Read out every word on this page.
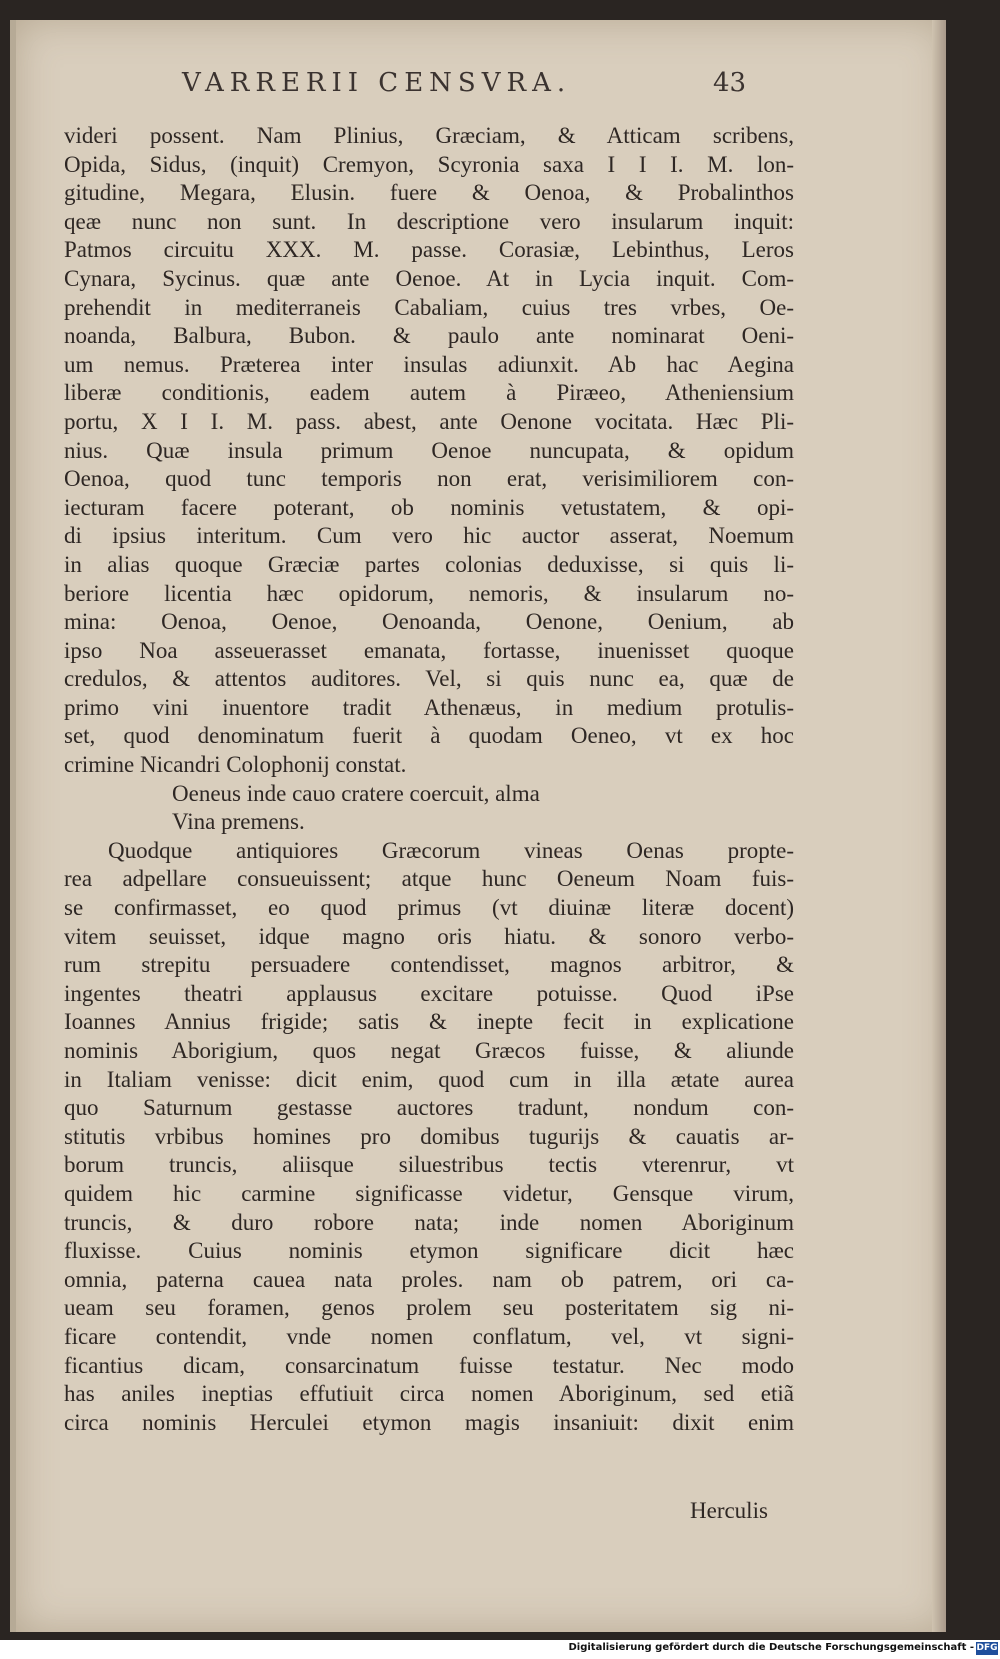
VARRERII CENSVRA.	43
videri possent. Nam Plinius, Græciam, & Atticam scribens,
Opida, Sidus, (inquit) Cremyon, Scyronia saxa I I I. M. lon-
gitudine, Megara, Elusin. fuere & Oenoa, & Probalinthos
qeæ nunc non sunt. In descriptione vero insularum inquit:
Patmos circuitu XXX. M. passe. Corasiæ, Lebinthus, Leros
Cynara, Sycinus. quæ ante Oenoe. At in Lycia inquit. Com-
prehendit in mediterraneis Cabaliam, cuius tres vrbes, Oe-
noanda, Balbura, Bubon. & paulo ante nominarat Oeni-
um nemus. Præterea inter insulas adiunxit. Ab hac Aegina
liberæ conditionis, eadem autem à Piræeo, Atheniensium
portu, X I I. M. pass. abest, ante Oenone vocitata. Hæc Pli-
nius. Quæ insula primum Oenoe nuncupata, & opidum
Oenoa, quod tunc temporis non erat, verisimiliorem con-
iecturam facere poterant, ob nominis vetustatem, & opi-
di ipsius interitum. Cum vero hic auctor asserat, Noemum
in alias quoque Græciæ partes colonias deduxisse, si quis li-
beriore licentia hæc opidorum, nemoris, & insularum no-
mina: Oenoa, Oenoe, Oenoanda, Oenone, Oenium, ab
ipso Noa asseuerasset emanata, fortasse, inuenisset quoque
credulos, & attentos auditores. Vel, si quis nunc ea, quæ de
primo vini inuentore tradit Athenæus, in medium protulis-
set, quod denominatum fuerit à quodam Oeneo, vt ex hoc
crimine Nicandri Colophonij constat.
Oeneus inde cauo cratere coercuit, alma
Vina premens.
Quodque antiquiores Græcorum vineas Oenas propte-
rea adpellare consueuissent; atque hunc Oeneum Noam fuis-
se confirmasset, eo quod primus (vt diuinæ literæ docent)
vitem seuisset, idque magno oris hiatu. & sonoro verbo-
rum strepitu persuadere contendisset, magnos arbitror, &
ingentes theatri applausus excitare potuisse. Quod iPse
Ioannes Annius frigide; satis & inepte fecit in explicatione
nominis Aborigium, quos negat Græcos fuisse, & aliunde
in Italiam venisse: dicit enim, quod cum in illa ætate aurea
quo Saturnum gestasse auctores tradunt, nondum con-
stitutis vrbibus homines pro domibus tugurijs & cauatis ar-
borum truncis, aliisque siluestribus tectis vterenrur, vt
quidem hic carmine significasse videtur, Gensque virum,
truncis, & duro robore nata; inde nomen Aboriginum
fluxisse. Cuius nominis etymon significare dicit hæc
omnia, paterna cauea nata proles. nam ob patrem, ori ca-
ueam seu foramen, genos prolem seu posteritatem sig ni-
ficare contendit, vnde nomen conflatum, vel, vt signi-
ficantius dicam, consarcinatum fuisse testatur. Nec modo
has aniles ineptias effutiuit circa nomen Aboriginum, sed etiã
circa nominis Herculei etymon magis insaniuit: dixit enim
Herculis
Digitalisierung gefördert durch die Deutsche Forschungsgemeinschaft - DFG
